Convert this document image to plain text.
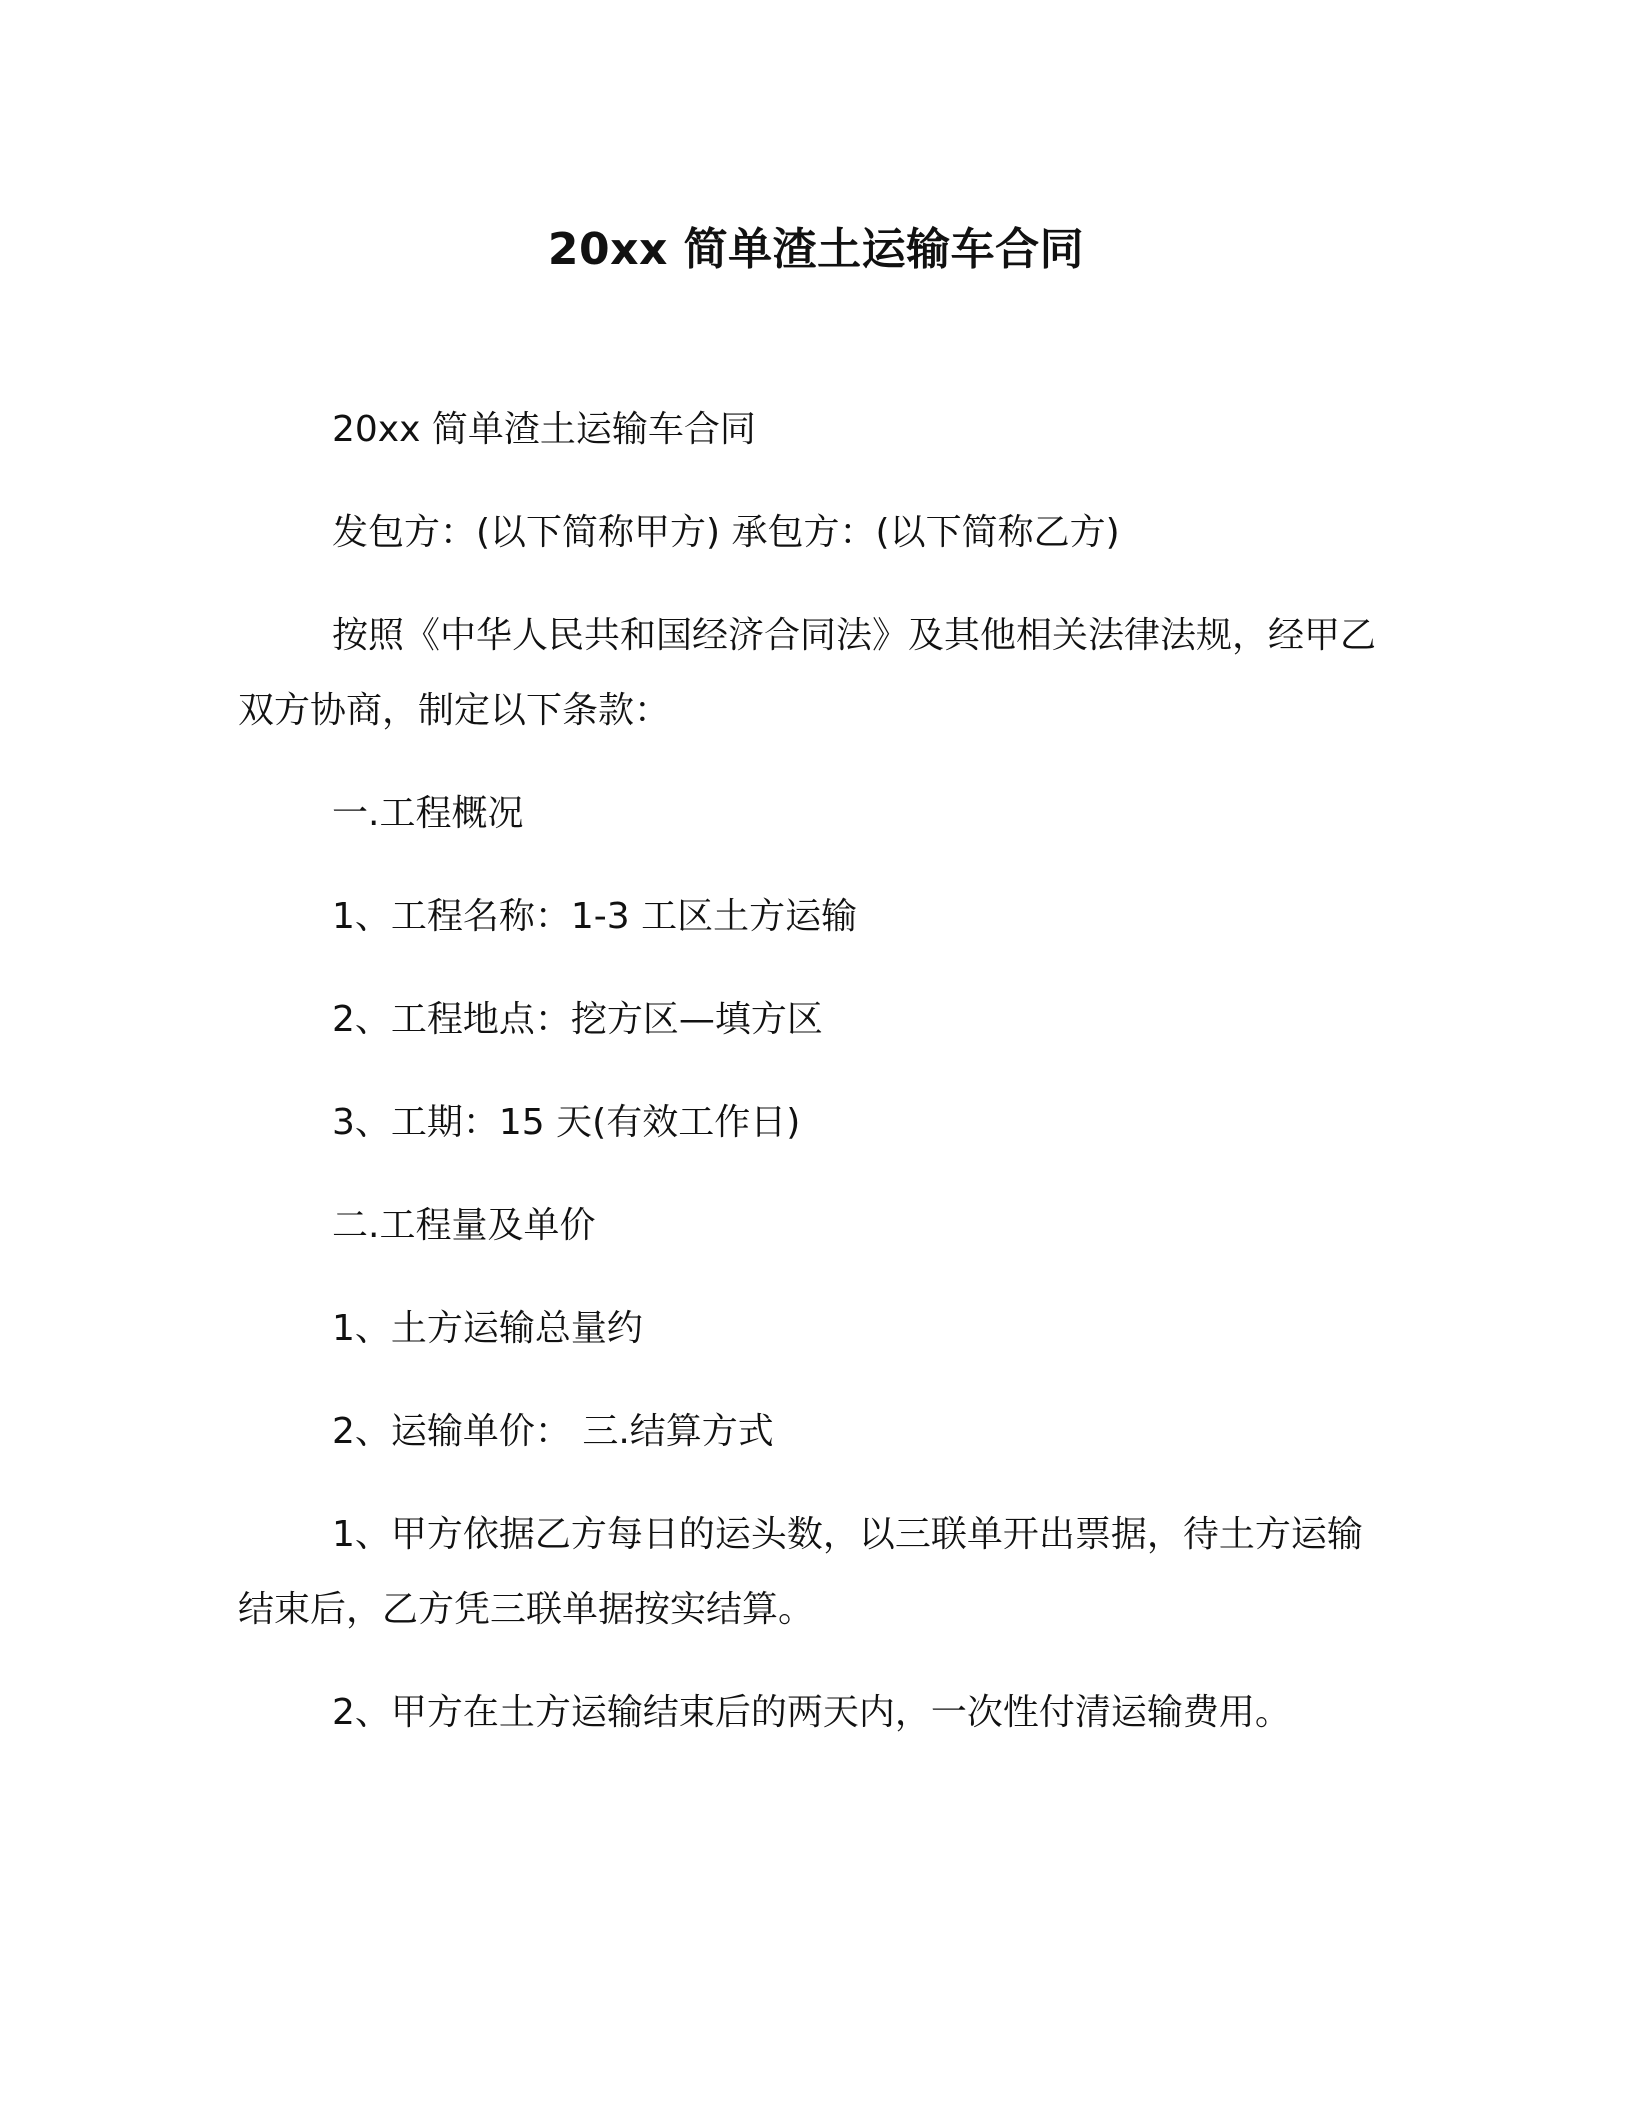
20xx 简单渣土运输车合同

20xx 简单渣土运输车合同

发包方：(以下简称甲方) 承包方：(以下简称乙方)

按照《中华人民共和国经济合同法》及其他相关法律法规，经甲乙双方协商，制定以下条款：

一.工程概况

1、工程名称：1-3 工区土方运输

2、工程地点：挖方区—填方区

3、工期：15 天(有效工作日)

二.工程量及单价

1、土方运输总量约

2、运输单价： 三.结算方式

1、甲方依据乙方每日的运头数，以三联单开出票据，待土方运输结束后，乙方凭三联单据按实结算。

2、甲方在土方运输结束后的两天内，一次性付清运输费用。
